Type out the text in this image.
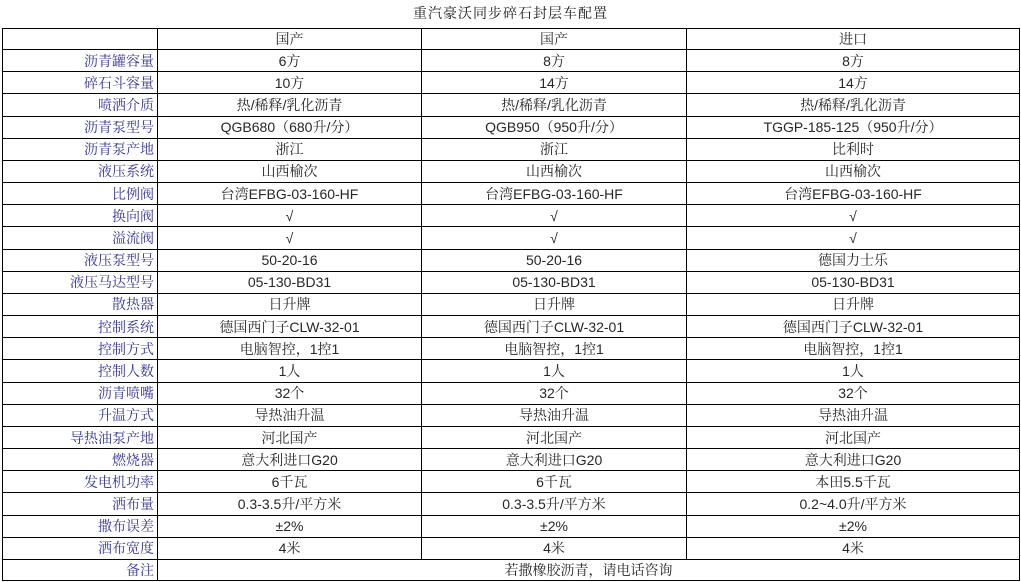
重汽豪沃同步碎石封层车配置
	国产	国产	进口
沥青罐容量	6方	8方	8方
碎石斗容量	10方	14方	14方
喷洒介质	热/稀释/乳化沥青	热/稀释/乳化沥青	热/稀释/乳化沥青
沥青泵型号	QGB680（680升/分）	QGB950（950升/分）	TGGP-185-125（950升/分）
沥青泵产地	浙江	浙江	比利时
液压系统	山西榆次	山西榆次	山西榆次
比例阀	台湾EFBG-03-160-HF	台湾EFBG-03-160-HF	台湾EFBG-03-160-HF
换向阀	√	√	√
溢流阀	√	√	√
液压泵型号	50-20-16	50-20-16	德国力士乐
液压马达型号	05-130-BD31	05-130-BD31	05-130-BD31
散热器	日升牌	日升牌	日升牌
控制系统	德国西门子CLW-32-01	德国西门子CLW-32-01	德国西门子CLW-32-01
控制方式	电脑智控，1控1	电脑智控，1控1	电脑智控，1控1
控制人数	1人	1人	1人
沥青喷嘴	32个	32个	32个
升温方式	导热油升温	导热油升温	导热油升温
导热油泵产地	河北国产	河北国产	河北国产
燃烧器	意大利进口G20	意大利进口G20	意大利进口G20
发电机功率	6千瓦	6千瓦	本田5.5千瓦
洒布量	0.3-3.5升/平方米	0.3-3.5升/平方米	0.2~4.0升/平方米
撒布误差	±2%	±2%	±2%
洒布宽度	4米	4米	4米
备注	若撒橡胶沥青，请电话咨询		
